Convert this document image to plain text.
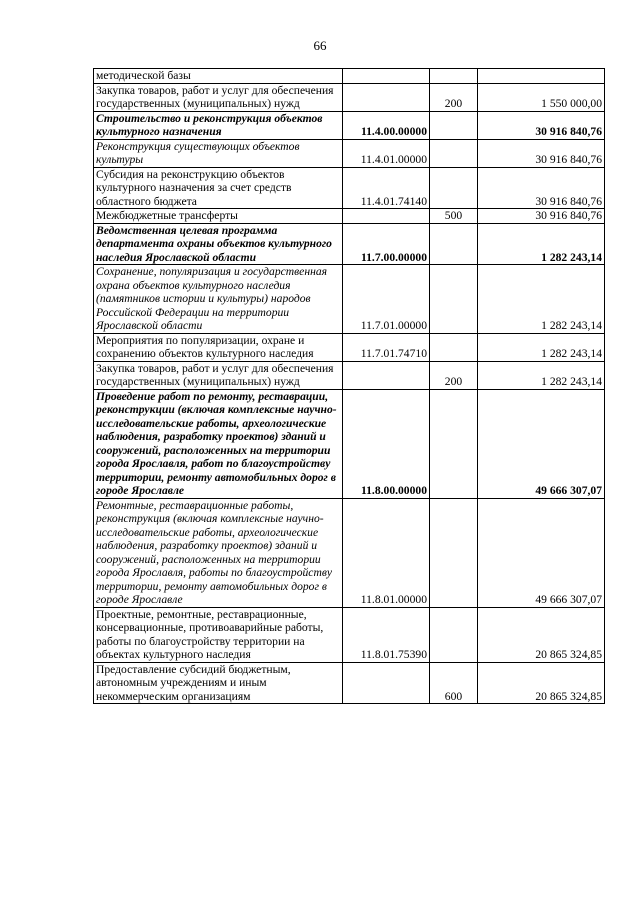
66
методической базы			
Закупка товаров, работ и услуг для обеспечения государственных (муниципальных) нужд		200	1 550 000,00
Строительство и реконструкция объектов культурного назначения	11.4.00.00000		30 916 840,76
Реконструкция существующих объектов культуры	11.4.01.00000		30 916 840,76
Субсидия на реконструкцию объектов культурного назначения за счет средств областного бюджета	11.4.01.74140		30 916 840,76
Межбюджетные трансферты		500	30 916 840,76
Ведомственная целевая программа департамента охраны объектов культурного наследия Ярославской области	11.7.00.00000		1 282 243,14
Сохранение, популяризация и государственная охрана объектов культурного наследия (памятников истории и культуры) народов Российской Федерации на территории Ярославской области	11.7.01.00000		1 282 243,14
Мероприятия по популяризации, охране и сохранению объектов культурного наследия	11.7.01.74710		1 282 243,14
Закупка товаров, работ и услуг для обеспечения государственных (муниципальных) нужд		200	1 282 243,14
Проведение работ по ремонту, реставрации, реконструкции (включая комплексные научно-исследовательские работы, археологические наблюдения, разработку проектов) зданий и сооружений, расположенных на территории города Ярославля, работ по благоустройству территории, ремонту автомобильных дорог в городе Ярославле	11.8.00.00000		49 666 307,07
Ремонтные, реставрационные работы, реконструкция (включая комплексные научно-исследовательские работы, археологические наблюдения, разработку проектов) зданий и сооружений, расположенных на территории города Ярославля, работы по благоустройству территории, ремонту автомобильных дорог в городе Ярославле	11.8.01.00000		49 666 307,07
Проектные, ремонтные, реставрационные, консервационные, противоаварийные работы, работы по благоустройству территории на объектах культурного наследия	11.8.01.75390		20 865 324,85
Предоставление субсидий бюджетным, автономным учреждениям и иным некоммерческим организациям		600	20 865 324,85
